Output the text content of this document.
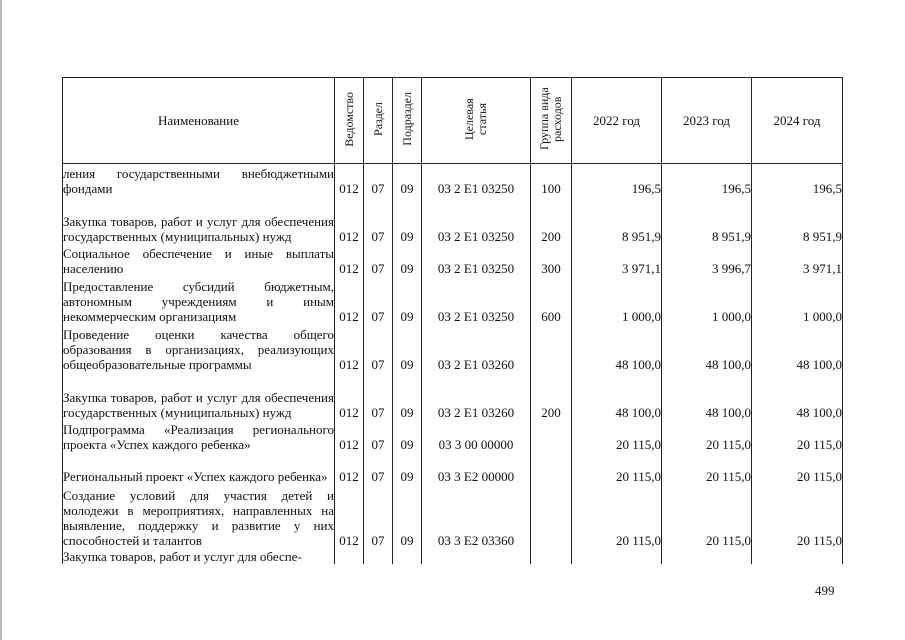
Наименование	Ведомство	Раздел	Подраздел	Целевая статья	Группа вида расходов	2022 год	2023 год	2024 год
ления государственными внебюджетными фондами	012	07	09	03 2 Е1 03250	100	196,5	196,5	196,5
Закупка товаров, работ и услуг для обеспечения государственных (муниципальных) нужд	012	07	09	03 2 Е1 03250	200	8 951,9	8 951,9	8 951,9
Социальное обеспечение и иные выплаты населению	012	07	09	03 2 Е1 03250	300	3 971,1	3 996,7	3 971,1
Предоставление субсидий бюджетным, автономным учреждениям и иным некоммерческим организациям	012	07	09	03 2 Е1 03250	600	1 000,0	1 000,0	1 000,0
Проведение оценки качества общего образования в организациях, реализующих общеобразовательные программы	012	07	09	03 2 Е1 03260		48 100,0	48 100,0	48 100,0
Закупка товаров, работ и услуг для обеспечения государственных (муниципальных) нужд	012	07	09	03 2 Е1 03260	200	48 100,0	48 100,0	48 100,0
Подпрограмма «Реализация регионального проекта «Успех каждого ребенка»	012	07	09	03 3 00 00000		20 115,0	20 115,0	20 115,0
Региональный проект «Успех каждого ребенка»	012	07	09	03 3 Е2 00000		20 115,0	20 115,0	20 115,0
Создание условий для участия детей и молодежи в мероприятиях, направленных на выявление, поддержку и развитие у них способностей и талантов	012	07	09	03 3 Е2 03360		20 115,0	20 115,0	20 115,0
Закупка товаров, работ и услуг для обеспе-								
499
